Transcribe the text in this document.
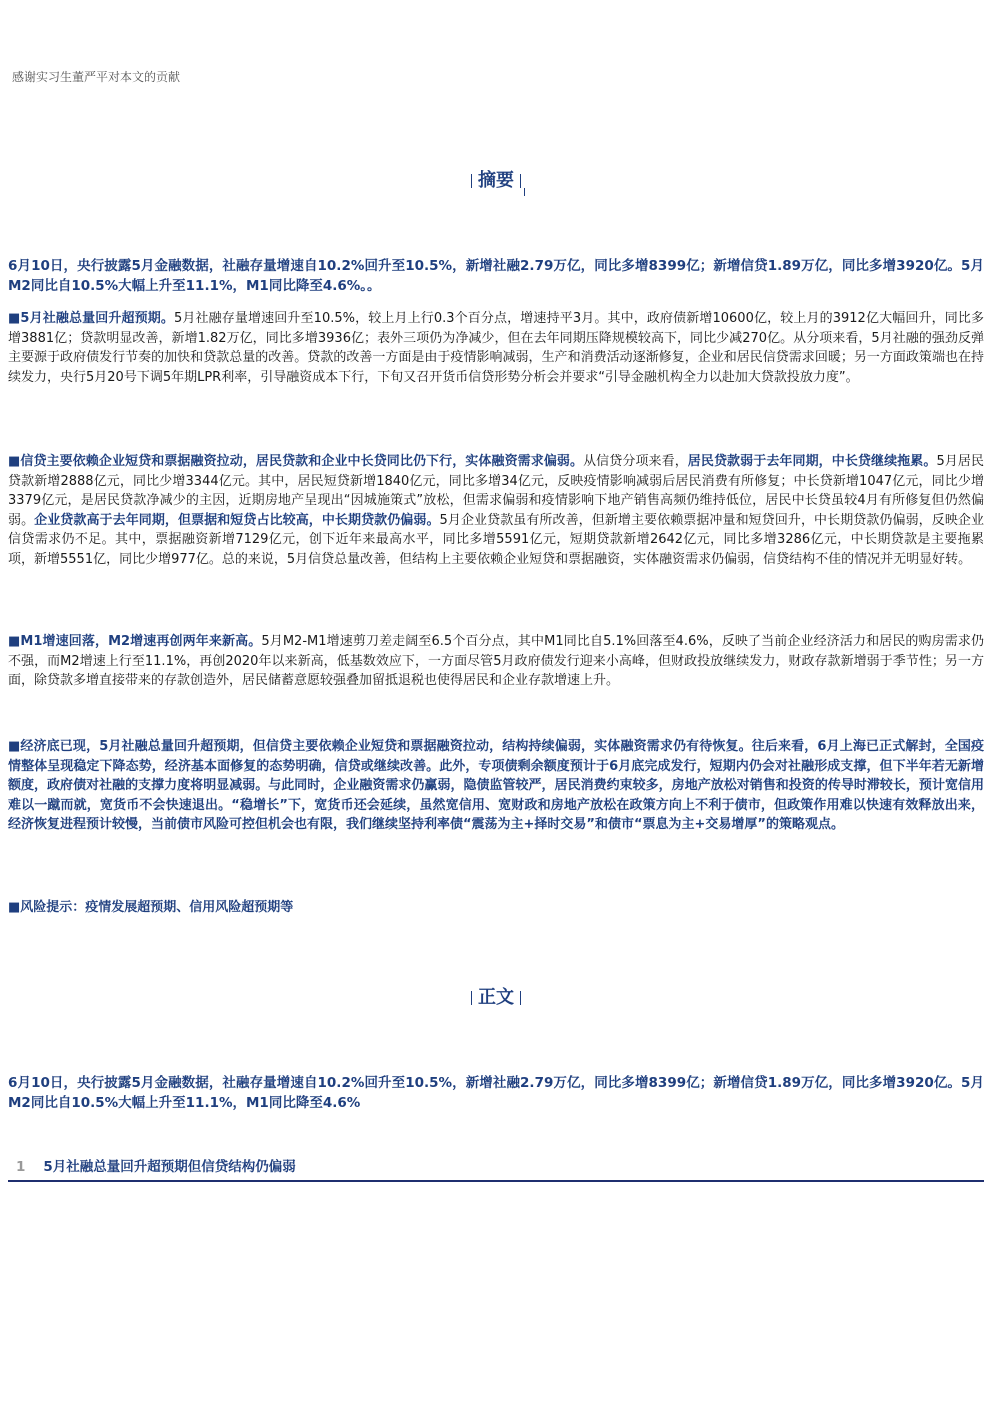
感谢实习生董严平对本文的贡献
摘要
6月10日，央行披露5月金融数据，社融存量增速自10.2%回升至10.5%，新增社融2.79万亿，同比多增8399亿；新增信贷1.89万亿，同比多增3920亿。5月M2同比自10.5%大幅上升至11.1%，M1同比降至4.6%。。
■5月社融总量回升超预期。5月社融存量增速回升至10.5%，较上月上行0.3个百分点，增速持平3月。其中，政府债新增10600亿，较上月的3912亿大幅回升，同比多增3881亿；贷款明显改善，新增1.82万亿，同比多增3936亿；表外三项仍为净减少，但在去年同期压降规模较高下，同比少减270亿。从分项来看，5月社融的强劲反弹主要源于政府债发行节奏的加快和贷款总量的改善。贷款的改善一方面是由于疫情影响减弱，生产和消费活动逐渐修复，企业和居民信贷需求回暖；另一方面政策端也在持续发力，央行5月20号下调5年期LPR利率，引导融资成本下行，下旬又召开货币信贷形势分析会并要求“引导金融机构全力以赴加大贷款投放力度”。
■信贷主要依赖企业短贷和票据融资拉动，居民贷款和企业中长贷同比仍下行，实体融资需求偏弱。从信贷分项来看，居民贷款弱于去年同期，中长贷继续拖累。5月居民贷款新增2888亿元，同比少增3344亿元。其中，居民短贷新增1840亿元，同比多增34亿元，反映疫情影响减弱后居民消费有所修复；中长贷新增1047亿元，同比少增3379亿元，是居民贷款净减少的主因，近期房地产呈现出“因城施策式”放松，但需求偏弱和疫情影响下地产销售高频仍维持低位，居民中长贷虽较4月有所修复但仍然偏弱。企业贷款高于去年同期，但票据和短贷占比较高，中长期贷款仍偏弱。5月企业贷款虽有所改善，但新增主要依赖票据冲量和短贷回升，中长期贷款仍偏弱，反映企业信贷需求仍不足。其中，票据融资新增7129亿元，创下近年来最高水平，同比多增5591亿元，短期贷款新增2642亿元，同比多增3286亿元，中长期贷款是主要拖累项，新增5551亿，同比少增977亿。总的来说，5月信贷总量改善，但结构上主要依赖企业短贷和票据融资，实体融资需求仍偏弱，信贷结构不佳的情况并无明显好转。
■M1增速回落，M2增速再创两年来新高。5月M2-M1增速剪刀差走阔至6.5个百分点，其中M1同比自5.1%回落至4.6%，反映了当前企业经济活力和居民的购房需求仍不强，而M2增速上行至11.1%，再创2020年以来新高，低基数效应下，一方面尽管5月政府债发行迎来小高峰，但财政投放继续发力，财政存款新增弱于季节性；另一方面，除贷款多增直接带来的存款创造外，居民储蓄意愿较强叠加留抵退税也使得居民和企业存款增速上升。
■经济底已现，5月社融总量回升超预期，但信贷主要依赖企业短贷和票据融资拉动，结构持续偏弱，实体融资需求仍有待恢复。往后来看，6月上海已正式解封，全国疫情整体呈现稳定下降态势，经济基本面修复的态势明确，信贷或继续改善。此外，专项债剩余额度预计于6月底完成发行，短期内仍会对社融形成支撑，但下半年若无新增额度，政府债对社融的支撑力度将明显减弱。与此同时，企业融资需求仍赢弱，隐债监管较严，居民消费约束较多，房地产放松对销售和投资的传导时滞较长，预计宽信用难以一蹴而就，宽货币不会快速退出。“稳增长”下，宽货币还会延续，虽然宽信用、宽财政和房地产放松在政策方向上不利于债市，但政策作用难以快速有效释放出来，经济恢复进程预计较慢，当前债市风险可控但机会也有限，我们继续坚持利率债“震荡为主+择时交易”和债市“票息为主+交易增厚”的策略观点。
■风险提示：疫情发展超预期、信用风险超预期等
正文
6月10日，央行披露5月金融数据，社融存量增速自10.2%回升至10.5%，新增社融2.79万亿，同比多增8399亿；新增信贷1.89万亿，同比多增3920亿。5月M2同比自10.5%大幅上升至11.1%，M1同比降至4.6%
1 5月社融总量回升超预期但信贷结构仍偏弱
